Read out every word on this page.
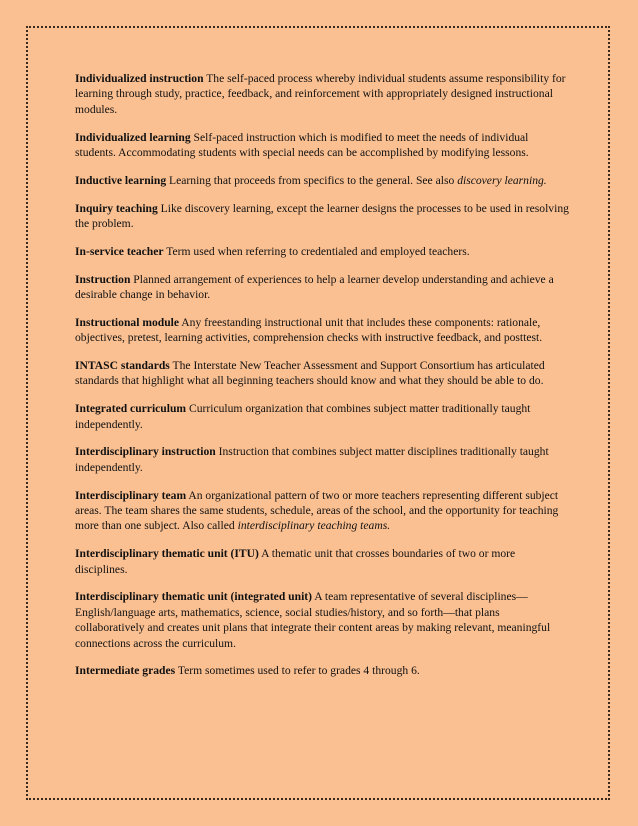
Individualized instruction The self-paced process whereby individual students assume responsibility for learning through study, practice, feedback, and reinforcement with appropriately designed instructional modules.

Individualized learning Self-paced instruction which is modified to meet the needs of individual students. Accommodating students with special needs can be accomplished by modifying lessons.

Inductive learning Learning that proceeds from specifics to the general. See also discovery learning.

Inquiry teaching Like discovery learning, except the learner designs the processes to be used in resolving the problem.

In-service teacher Term used when referring to credentialed and employed teachers.

Instruction Planned arrangement of experiences to help a learner develop understanding and achieve a desirable change in behavior.

Instructional module Any freestanding instructional unit that includes these components: rationale, objectives, pretest, learning activities, comprehension checks with instructive feedback, and posttest.

INTASC standards The Interstate New Teacher Assessment and Support Consortium has articulated standards that highlight what all beginning teachers should know and what they should be able to do.

Integrated curriculum Curriculum organization that combines subject matter traditionally taught independently.

Interdisciplinary instruction Instruction that combines subject matter disciplines traditionally taught independently.

Interdisciplinary team An organizational pattern of two or more teachers representing different subject areas. The team shares the same students, schedule, areas of the school, and the opportunity for teaching more than one subject. Also called interdisciplinary teaching teams.

Interdisciplinary thematic unit (ITU) A thematic unit that crosses boundaries of two or more disciplines.

Interdisciplinary thematic unit (integrated unit) A team representative of several disciplines—English/language arts, mathematics, science, social studies/history, and so forth—that plans collaboratively and creates unit plans that integrate their content areas by making relevant, meaningful connections across the curriculum.

Intermediate grades Term sometimes used to refer to grades 4 through 6.
